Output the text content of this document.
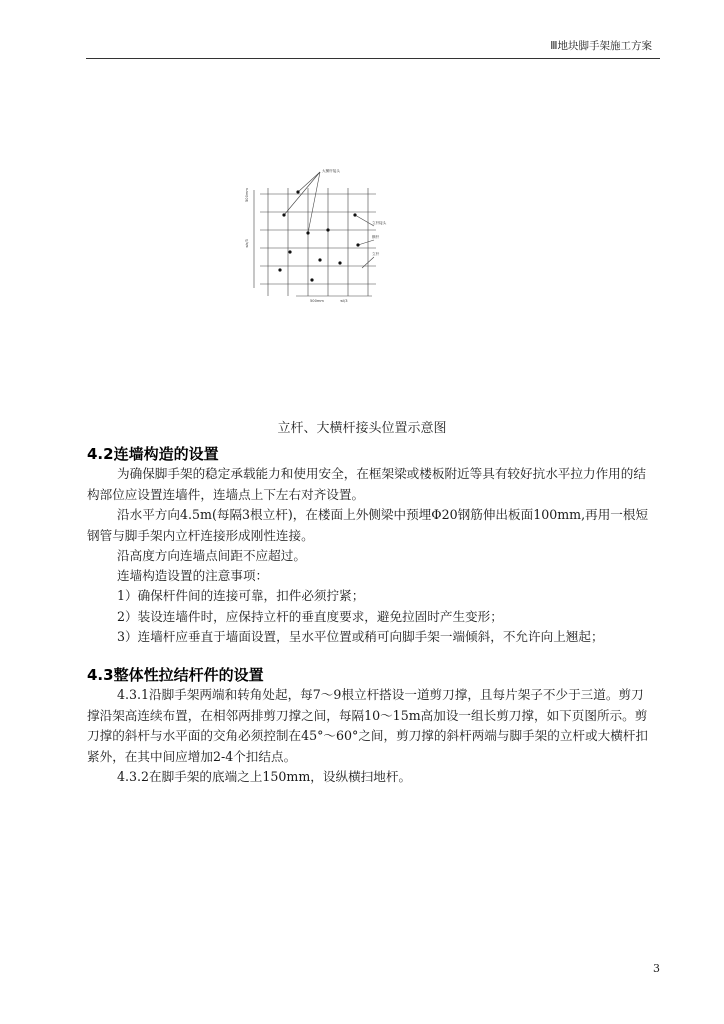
Ⅲ地块脚手架施工方案
大横杆接头
立杆接头
横杆
立杆
500mm
≤h/3
500mm	≤l/3
立杆、大横杆接头位置示意图
4.2连墙构造的设置

为确保脚手架的稳定承载能力和使用安全，在框架梁或楼板附近等具有较好抗水平拉力作用的结构部位应设置连墙件，连墙点上下左右对齐设置。

沿水平方向4.5m(每隔3根立杆)，在楼面上外侧梁中预埋Φ20钢筋伸出板面100mm,再用一根短钢管与脚手架内立杆连接形成刚性连接。

沿高度方向连墙点间距不应超过。

连墙构造设置的注意事项：

1）确保杆件间的连接可靠，扣件必须拧紧；

2）装设连墙件时，应保持立杆的垂直度要求，避免拉固时产生变形；

3）连墙杆应垂直于墙面设置，呈水平位置或稍可向脚手架一端倾斜，不允许向上翘起；

4.3整体性拉结杆件的设置

4.3.1沿脚手架两端和转角处起，每7～9根立杆搭设一道剪刀撑，且每片架子不少于三道。剪刀撑沿架高连续布置，在相邻两排剪刀撑之间，每隔10～15m高加设一组长剪刀撑，如下页图所示。剪刀撑的斜杆与水平面的交角必须控制在45°～60°之间，剪刀撑的斜杆两端与脚手架的立杆或大横杆扣紧外，在其中间应增加2-4个扣结点。

4.3.2在脚手架的底端之上150mm，设纵横扫地杆。

3
